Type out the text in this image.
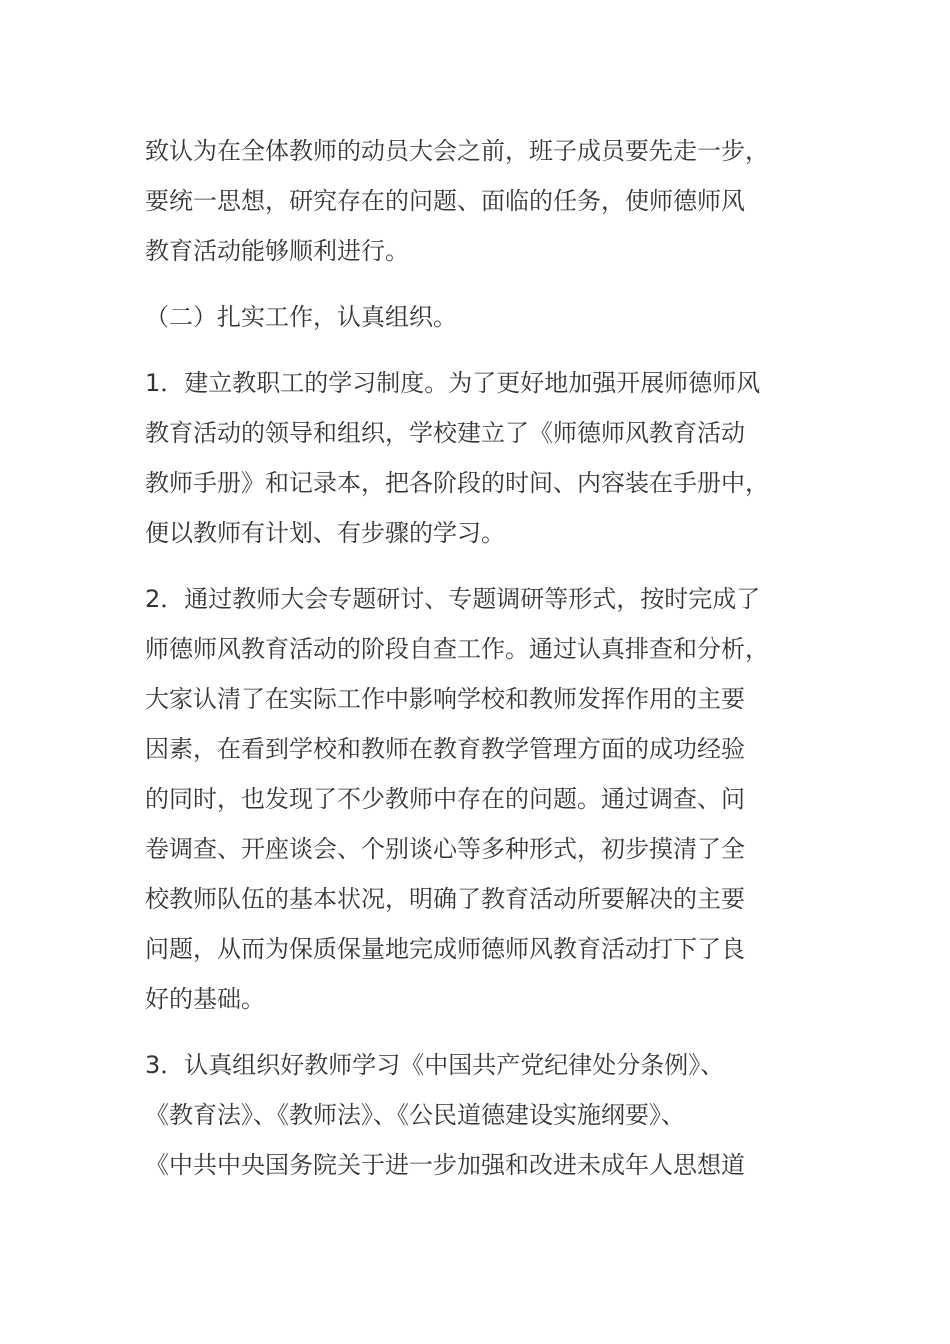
致认为在全体教师的动员大会之前，班子成员要先走一步，
要统一思想，研究存在的问题、面临的任务，使师德师风
教育活动能够顺利进行。
（二）扎实工作，认真组织。
1．建立教职工的学习制度。为了更好地加强开展师德师风
教育活动的领导和组织，学校建立了《师德师风教育活动
教师手册》和记录本，把各阶段的时间、内容装在手册中，
便以教师有计划、有步骤的学习。
2．通过教师大会专题研讨、专题调研等形式，按时完成了
师德师风教育活动的阶段自查工作。通过认真排查和分析，
大家认清了在实际工作中影响学校和教师发挥作用的主要
因素，在看到学校和教师在教育教学管理方面的成功经验
的同时，也发现了不少教师中存在的问题。通过调查、问
卷调查、开座谈会、个别谈心等多种形式，初步摸清了全
校教师队伍的基本状况，明确了教育活动所要解决的主要
问题，从而为保质保量地完成师德师风教育活动打下了良
好的基础。
3．认真组织好教师学习《中国共产党纪律处分条例》、
《教育法》、《教师法》、《公民道德建设实施纲要》、
《中共中央国务院关于进一步加强和改进未成年人思想道
